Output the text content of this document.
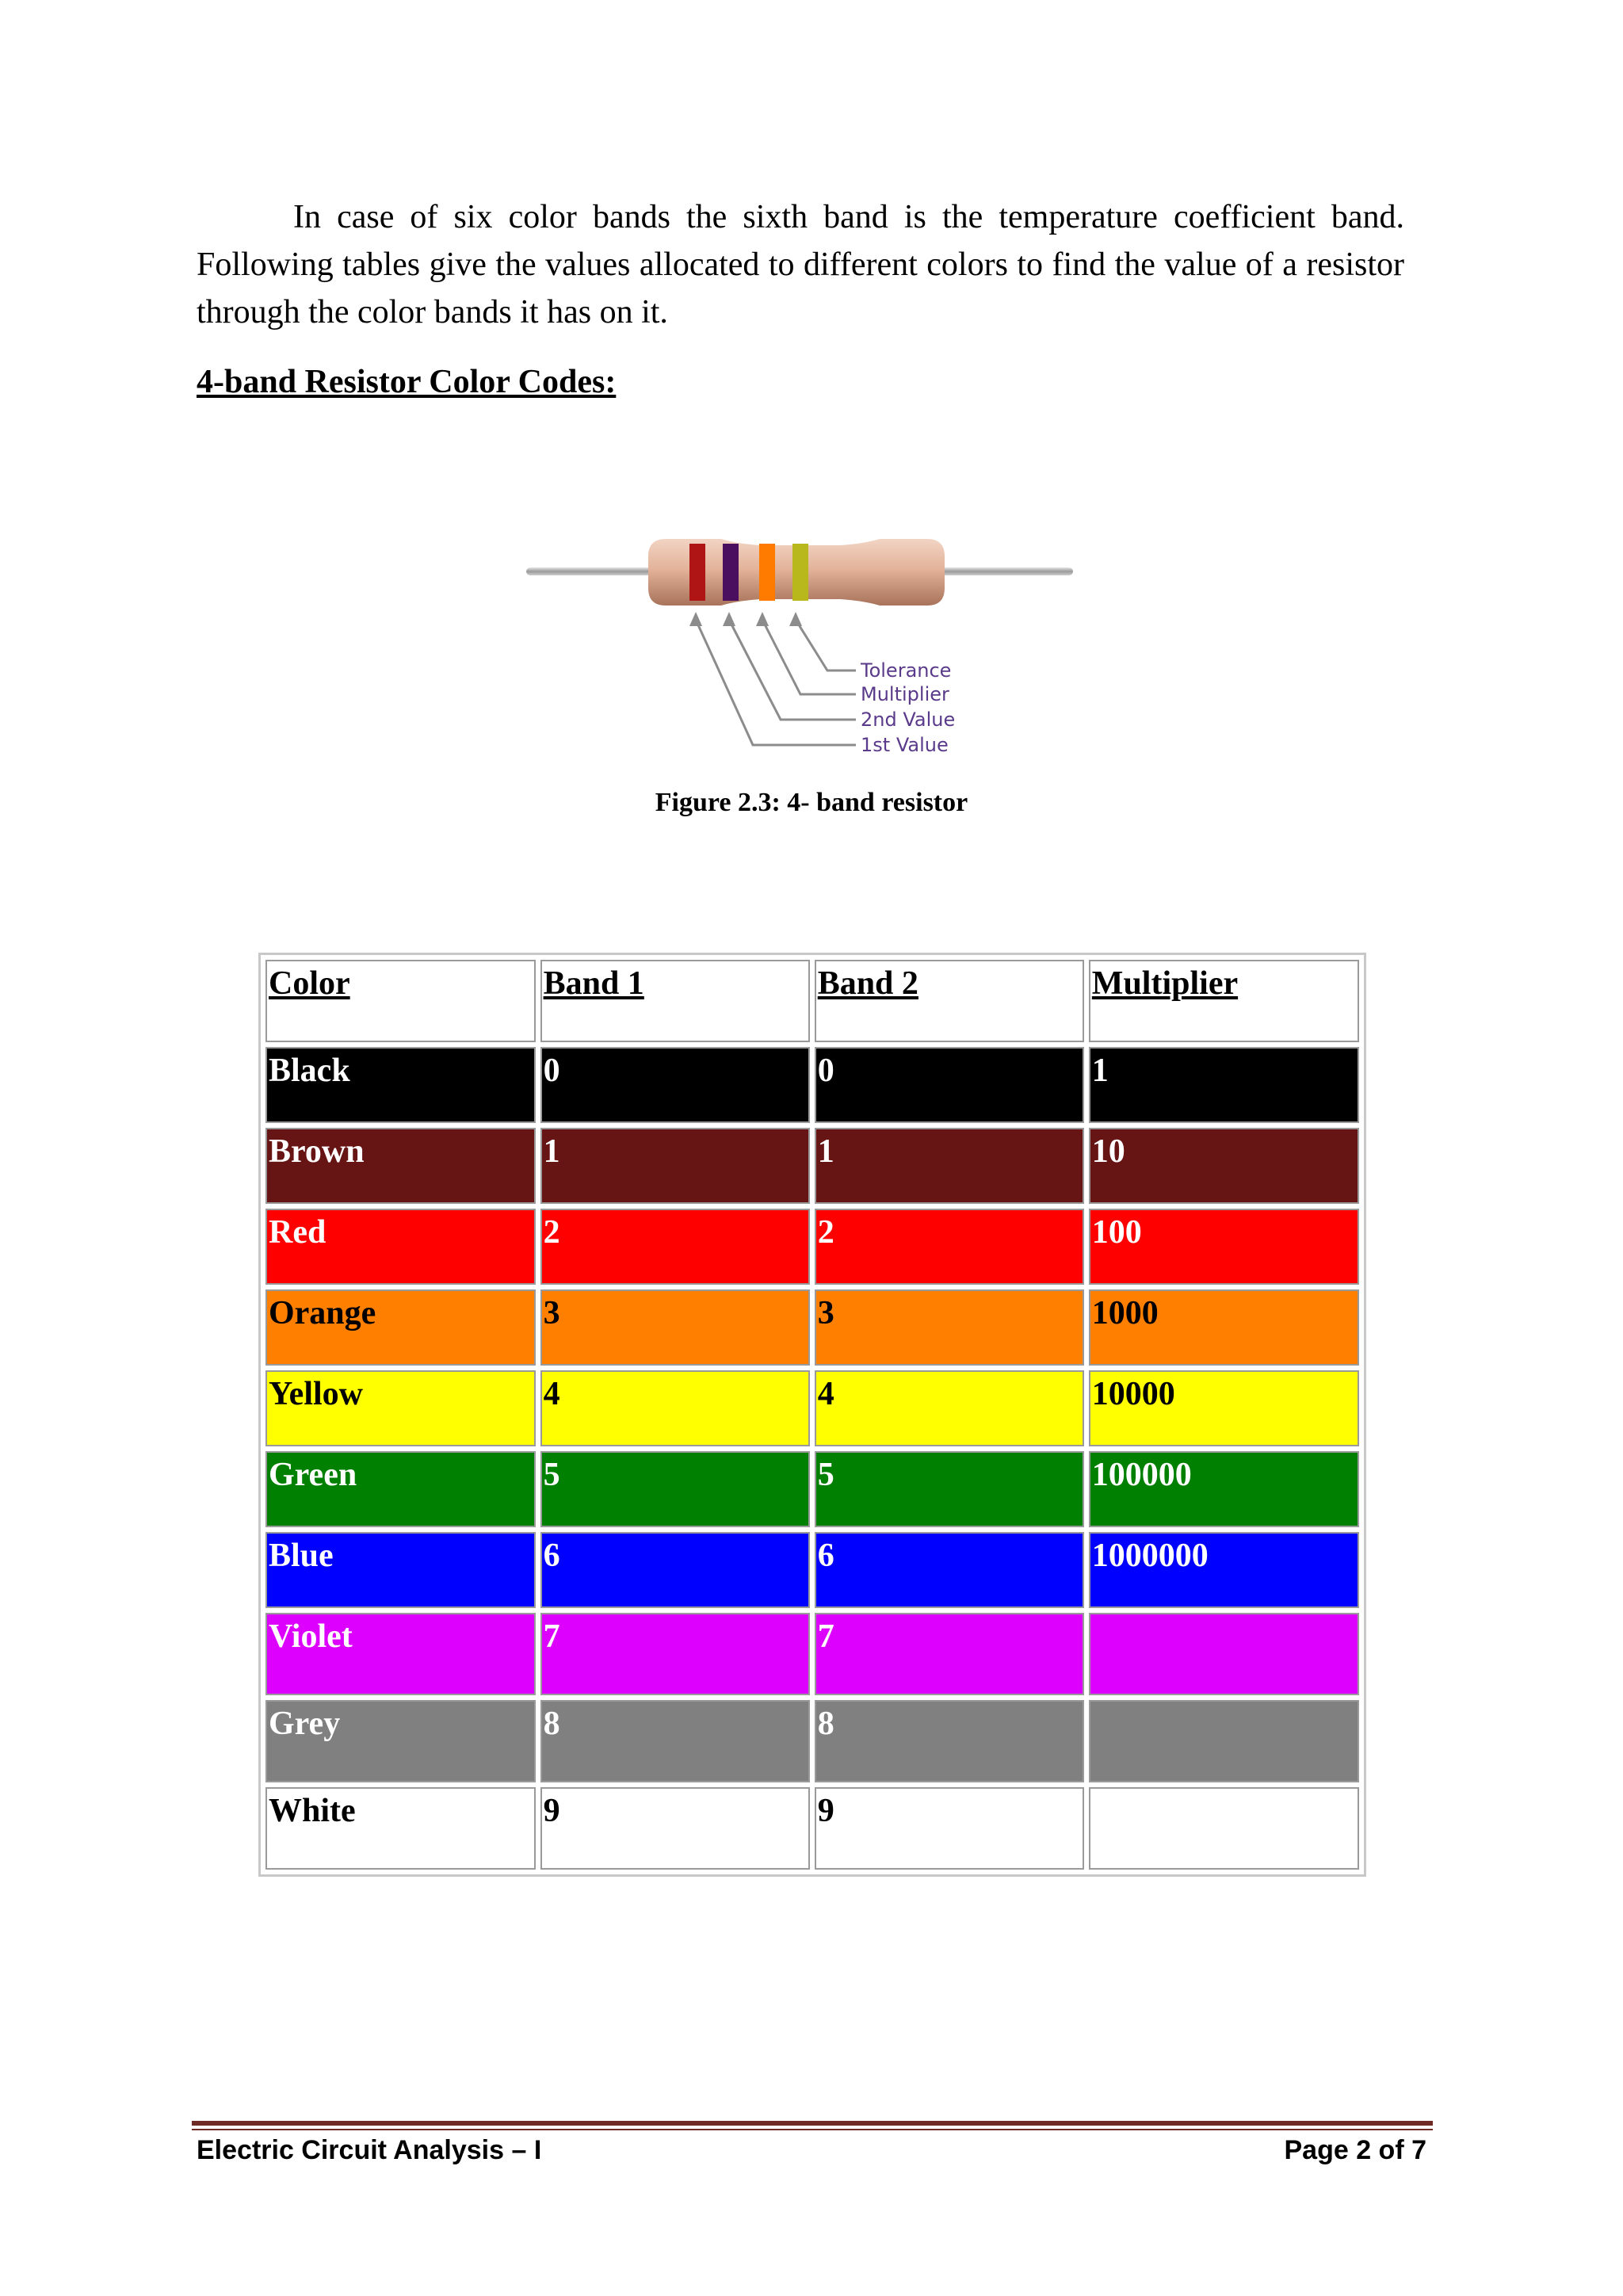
In case of six color bands the sixth band is the temperature coefficient band. Following tables give the values allocated to different colors to find the value of a resistor through the color bands it has on it.

4-band Resistor Color Codes:
Tolerance
Multiplier
2nd Value
1st Value
Figure 2.3: 4- band resistor
Color	Band 1	Band 2	Multiplier
Black	0	0	1
Brown	1	1	10
Red	2	2	100
Orange	3	3	1000
Yellow	4	4	10000
Green	5	5	100000
Blue	6	6	1000000
Violet	7	7	
Grey	8	8	
White	9	9	
Electric Circuit Analysis – I	Page 2 of 7
